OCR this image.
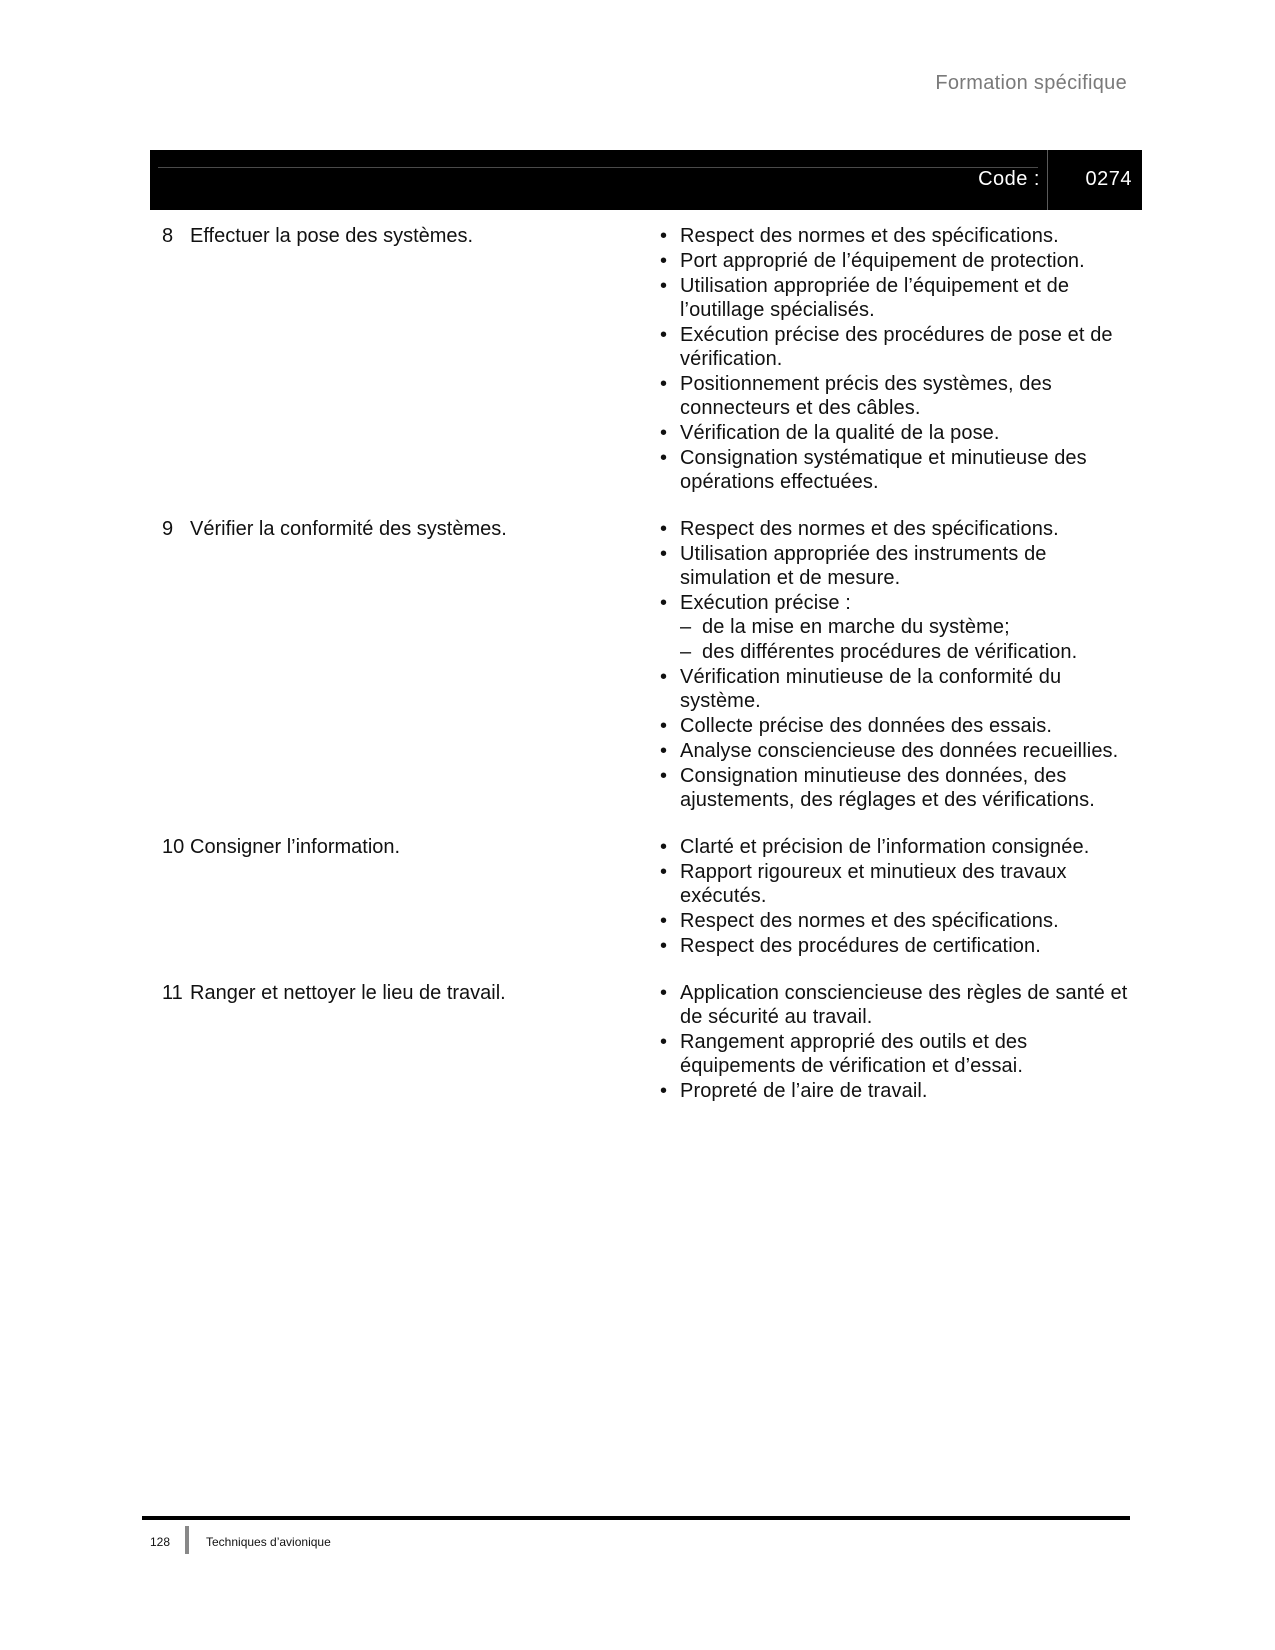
Formation spécifique
Code : 0274
8 Effectuer la pose des systèmes.	• Respect des normes et des spécifications.
• Port approprié de l’équipement de protection.
• Utilisation appropriée de l’équipement et de l’outillage spécialisés.
• Exécution précise des procédures de pose et de vérification.
• Positionnement précis des systèmes, des connecteurs et des câbles.
• Vérification de la qualité de la pose.
• Consignation systématique et minutieuse des opérations effectuées.
9 Vérifier la conformité des systèmes.	• Respect des normes et des spécifications.
• Utilisation appropriée des instruments de simulation et de mesure.
• Exécution précise :
– de la mise en marche du système;
– des différentes procédures de vérification.
• Vérification minutieuse de la conformité du système.
• Collecte précise des données des essais.
• Analyse consciencieuse des données recueillies.
• Consignation minutieuse des données, des ajustements, des réglages et des vérifications.
10 Consigner l’information.	• Clarté et précision de l’information consignée.
• Rapport rigoureux et minutieux des travaux exécutés.
• Respect des normes et des spécifications.
• Respect des procédures de certification.
11 Ranger et nettoyer le lieu de travail.	• Application consciencieuse des règles de santé et de sécurité au travail.
• Rangement approprié des outils et des équipements de vérification et d’essai.
• Propreté de l’aire de travail.
128	Techniques d’avionique
